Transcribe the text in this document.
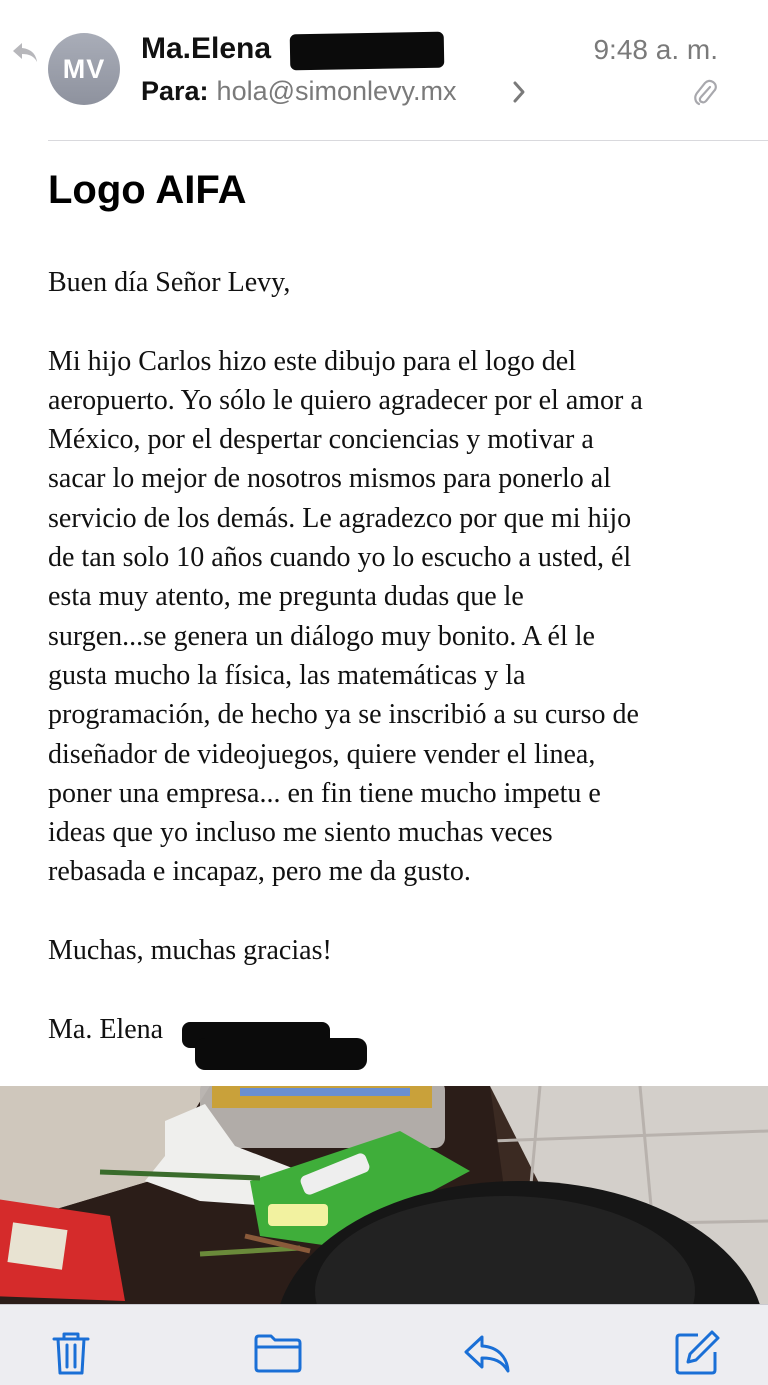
MV
Ma.Elena	9:48 a. m.
Para: hola@simonlevy.mx
Logo AIFA

Buen día Señor Levy,

Mi hijo Carlos hizo este dibujo para el logo del

aeropuerto. Yo sólo le quiero agradecer por el amor a

México, por el despertar conciencias y motivar a

sacar lo mejor de nosotros mismos para ponerlo al

servicio de los demás. Le agradezco por que mi hijo

de tan solo 10 años cuando yo lo escucho a usted, él

esta muy atento, me pregunta dudas que le

surgen...se genera un diálogo muy bonito. A él le

gusta mucho la física, las matemáticas y la

programación, de hecho ya se inscribió a su curso de

diseñador de videojuegos, quiere vender el linea,

poner una empresa... en fin tiene mucho impetu e

ideas que yo incluso me siento muchas veces

rebasada e incapaz, pero me da gusto.

Muchas, muchas gracias!

Ma. Elena
